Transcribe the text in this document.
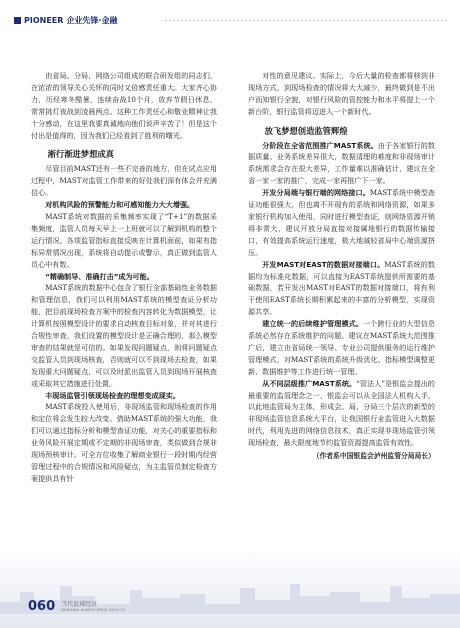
PIONEER 企业先锋·金融

由省局、分局、网络公司组成的联合研发组的同志们，在浓浓的领导关心关怀的同时又倍感责任重大。大家齐心协力，历经寒冬酷暑，连续奋战10个月，放弃节假日休息，常常挑灯夜战到凌晨两点。这种工作责任心和敬业精神让我十分感动，在这里我要真诚地向他们说声辛苦了！但是这个付出是值得的，因为我们已经看到了胜利的曙光。

淅行渐进梦想成真

尽管目前MAST还有一些不完善的地方，但在试点应用过程中，MAST对监管工作带来的好处我们深有体会并充满信心。

对机构风险的预警能力和可感知能力大大增强。

MAST系统对数据的采集频率实现了“T+1”的数据采集频度，监管人员每天早上一上班就可以了解到机构的整个运行情况。各项监管指标直接反映在计算机面前，如果有指标异常情况出现，系统将自动提示或警示，真正做到监管人员心中有数。

“精确制导、准确打击”成为可能。

MAST系统的数据中心包含了银行全部基础性业务数据和管理信息，我们可以利用MAST系统的模型查证分析功能，把目前现场检查方案中的检查内容转化为数据模型，让计算机按照模型设计的要求自动核查目标对象，并对其进行合规性审查，我们设置的模型设计是正确合理的，那么模型审查的结果就是可信的。如果发现问题疑点，则将问题疑点交监管人员到现场核查，否则就可以不到现场去检查，如果发现重大问题疑点，可以及时派出监管人员到现场开展核查或采取其它措施进行处置。

丰现场监管引领现场检查的理想变成现实。

MAST系统投入使用后，非现场监管和现场检查的作用和定位将会发生较大改变。借助MAST系统的强大功能，我们可以通过指标分析和模型查证功能，对关心的重要指标和业务风险开展定期或不定期的非现场审查，类似做到合规非现场预核审计。可全方位收集了解商业银行一段时期内经营管理过程中的合规情况和风险疑点，为主监管员制定检查方案提供具有针

对性的意见建议。实际上，今后大量的检查都将移到非现场方式，到现场检查的情况将大大减少，最终做到是不出户而知银行全貌，对银行风险的管控能力和水平将提上一个新台阶，银行监管将迈进入一个新时代。

放飞梦想创造监管辉煌

分阶段在全省范围推广MAST系统。由于各家银行的数据质量、业务系统差异很大，数据清理的难度和非现场审计系统需求会存在很大差异，工作量难以准确估计，建议在全省一家一家的推广，完成一家再推广下一家。

开发分局端与银行端的网络接口。MAST系统中模型查证功能很强大，但也离不开现有的系统和网络资源，如果多家银行机构加入使用，同时进行模型查证，则网络资源开销将非常大，建议开放分局直接对接属地银行的数据传输接口，有效提高系统运行速度，极大地减轻省局中心端资源挤压。

开发MAST对EAST的数据对接端口。MAST系统的数据均为标准化数据，可以直接为EAST系统提供所需要的基础数据，若开发出MAST对EAST的数据对接端口，将有利于使用EAST系统长期积累起来的丰富的分析模型，实现资源共享。

建立统一的后续维护管理模式。一个跨行业的大型信息系统必然存在系统维护的问题。建议在MAST系统大范围推广后，建立由省局统一领导、专业公司提供服务的运行维护管理模式，对MAST系统的系统升级优化、指标模型调整更新、数据维护等工作进行统一管理。

从不同层级推广MAST系统。“管法人”是银监会提出的最重要的监管理念之一，银监会可以从全国法人机构入手，以此地监管局为主体，形成会、局、分局三个层次的新型的非现场监管信息系统大平台，让我国银行业监管进入大数据时代，利用先进的网络信息技术，真正实现非现场监管引领现场检查，最大限度地节约监管资源提高监管有效性。

（作者系中国银监会泸州监管分局局长）

060 当代县域经济
DANGDAI XIANYU JINGJI 2014.12
